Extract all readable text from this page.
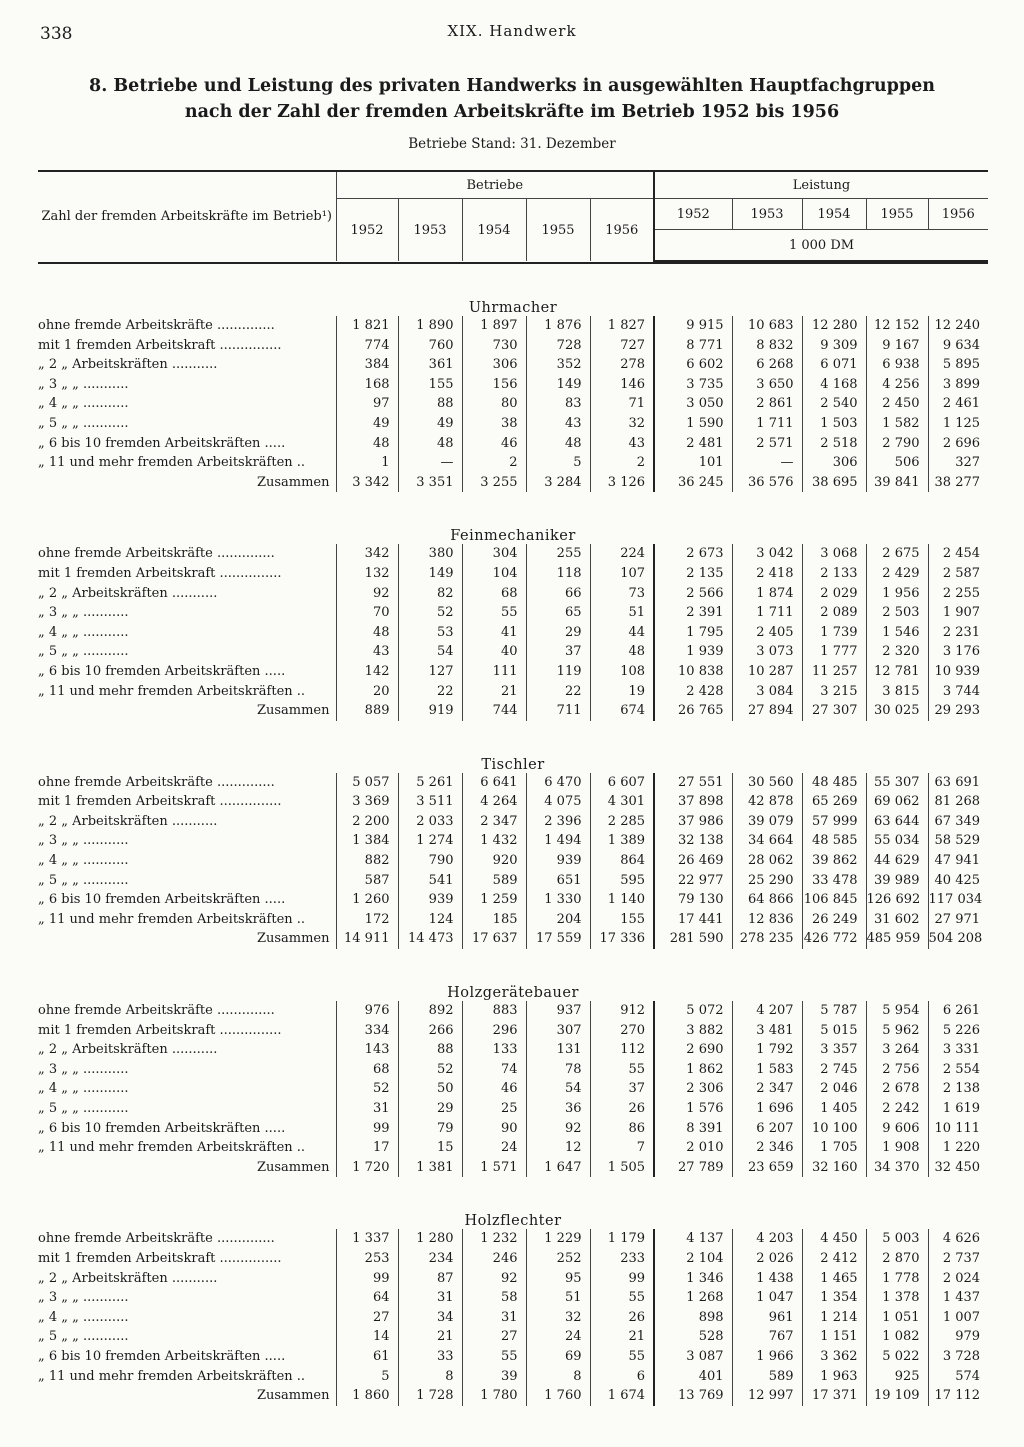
338	XIX. Handwerk
8. Betriebe und Leistung des privaten Handwerks in ausgewählten Hauptfachgruppen
nach der Zahl der fremden Arbeitskräfte im Betrieb 1952 bis 1956
Betriebe Stand: 31. Dezember
Zahl der fremden Arbeitskräfte im Betrieb¹)	Betriebe					Leistung				
	1952	1953	1954	1955	1956	1952	1953	1954	1955	1956
						1 000 DM				

Uhrmacher										
ohne fremde Arbeitskräfte ..............	1 821	1 890	1 897	1 876	1 827	9 915	10 683	12 280	12 152	12 240
mit 1 fremden Arbeitskraft ...............	774	760	730	728	727	8 771	8 832	9 309	9 167	9 634
„ 2 „ Arbeitskräften ...........	384	361	306	352	278	6 602	6 268	6 071	6 938	5 895
„ 3 „ „ ...........	168	155	156	149	146	3 735	3 650	4 168	4 256	3 899
„ 4 „ „ ...........	97	88	80	83	71	3 050	2 861	2 540	2 450	2 461
„ 5 „ „ ...........	49	49	38	43	32	1 590	1 711	1 503	1 582	1 125
„ 6 bis 10 fremden Arbeitskräften .....	48	48	46	48	43	2 481	2 571	2 518	2 790	2 696
„ 11 und mehr fremden Arbeitskräften ..	1	—	2	5	2	101	—	306	506	327
Zusammen	3 342	3 351	3 255	3 284	3 126	36 245	36 576	38 695	39 841	38 277
Feinmechaniker										
ohne fremde Arbeitskräfte ..............	342	380	304	255	224	2 673	3 042	3 068	2 675	2 454
mit 1 fremden Arbeitskraft ...............	132	149	104	118	107	2 135	2 418	2 133	2 429	2 587
„ 2 „ Arbeitskräften ...........	92	82	68	66	73	2 566	1 874	2 029	1 956	2 255
„ 3 „ „ ...........	70	52	55	65	51	2 391	1 711	2 089	2 503	1 907
„ 4 „ „ ...........	48	53	41	29	44	1 795	2 405	1 739	1 546	2 231
„ 5 „ „ ...........	43	54	40	37	48	1 939	3 073	1 777	2 320	3 176
„ 6 bis 10 fremden Arbeitskräften .....	142	127	111	119	108	10 838	10 287	11 257	12 781	10 939
„ 11 und mehr fremden Arbeitskräften ..	20	22	21	22	19	2 428	3 084	3 215	3 815	3 744
Zusammen	889	919	744	711	674	26 765	27 894	27 307	30 025	29 293
Tischler										
ohne fremde Arbeitskräfte ..............	5 057	5 261	6 641	6 470	6 607	27 551	30 560	48 485	55 307	63 691
mit 1 fremden Arbeitskraft ...............	3 369	3 511	4 264	4 075	4 301	37 898	42 878	65 269	69 062	81 268
„ 2 „ Arbeitskräften ...........	2 200	2 033	2 347	2 396	2 285	37 986	39 079	57 999	63 644	67 349
„ 3 „ „ ...........	1 384	1 274	1 432	1 494	1 389	32 138	34 664	48 585	55 034	58 529
„ 4 „ „ ...........	882	790	920	939	864	26 469	28 062	39 862	44 629	47 941
„ 5 „ „ ...........	587	541	589	651	595	22 977	25 290	33 478	39 989	40 425
„ 6 bis 10 fremden Arbeitskräften .....	1 260	939	1 259	1 330	1 140	79 130	64 866	106 845	126 692	117 034
„ 11 und mehr fremden Arbeitskräften ..	172	124	185	204	155	17 441	12 836	26 249	31 602	27 971
Zusammen	14 911	14 473	17 637	17 559	17 336	281 590	278 235	426 772	485 959	504 208
Holzgerätebauer										
ohne fremde Arbeitskräfte ..............	976	892	883	937	912	5 072	4 207	5 787	5 954	6 261
mit 1 fremden Arbeitskraft ...............	334	266	296	307	270	3 882	3 481	5 015	5 962	5 226
„ 2 „ Arbeitskräften ...........	143	88	133	131	112	2 690	1 792	3 357	3 264	3 331
„ 3 „ „ ...........	68	52	74	78	55	1 862	1 583	2 745	2 756	2 554
„ 4 „ „ ...........	52	50	46	54	37	2 306	2 347	2 046	2 678	2 138
„ 5 „ „ ...........	31	29	25	36	26	1 576	1 696	1 405	2 242	1 619
„ 6 bis 10 fremden Arbeitskräften .....	99	79	90	92	86	8 391	6 207	10 100	9 606	10 111
„ 11 und mehr fremden Arbeitskräften ..	17	15	24	12	7	2 010	2 346	1 705	1 908	1 220
Zusammen	1 720	1 381	1 571	1 647	1 505	27 789	23 659	32 160	34 370	32 450
Holzflechter										
ohne fremde Arbeitskräfte ..............	1 337	1 280	1 232	1 229	1 179	4 137	4 203	4 450	5 003	4 626
mit 1 fremden Arbeitskraft ...............	253	234	246	252	233	2 104	2 026	2 412	2 870	2 737
„ 2 „ Arbeitskräften ...........	99	87	92	95	99	1 346	1 438	1 465	1 778	2 024
„ 3 „ „ ...........	64	31	58	51	55	1 268	1 047	1 354	1 378	1 437
„ 4 „ „ ...........	27	34	31	32	26	898	961	1 214	1 051	1 007
„ 5 „ „ ...........	14	21	27	24	21	528	767	1 151	1 082	979
„ 6 bis 10 fremden Arbeitskräften .....	61	33	55	69	55	3 087	1 966	3 362	5 022	3 728
„ 11 und mehr fremden Arbeitskräften ..	5	8	39	8	6	401	589	1 963	925	574
Zusammen	1 860	1 728	1 780	1 760	1 674	13 769	12 997	17 371	19 109	17 112
